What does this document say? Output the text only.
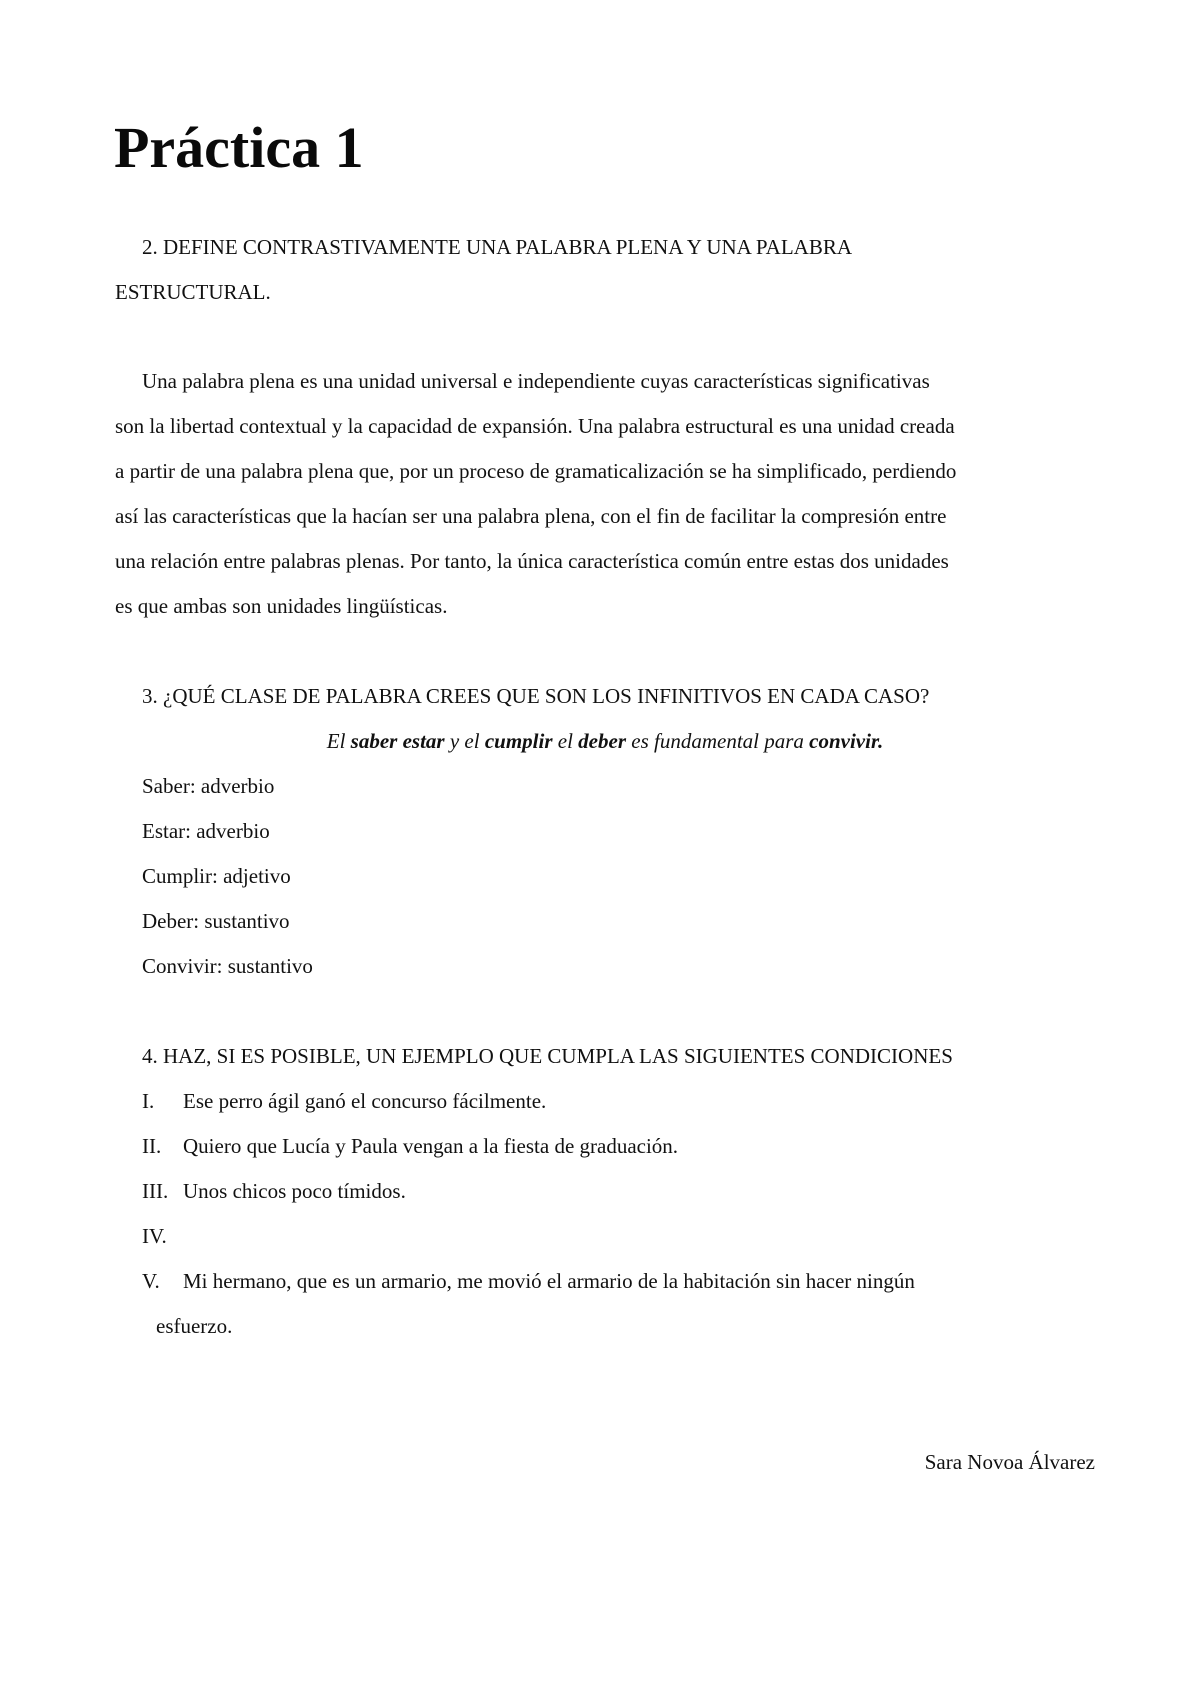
Práctica 1
2. DEFINE CONTRASTIVAMENTE UNA PALABRA PLENA Y UNA PALABRA
ESTRUCTURAL.
Una palabra plena es una unidad universal e independiente cuyas características significativas
son la libertad contextual y la capacidad de expansión. Una palabra estructural es una unidad creada
a partir de una palabra plena que, por un proceso de gramaticalización se ha simplificado, perdiendo
así las características que la hacían ser una palabra plena, con el fin de facilitar la compresión entre
una relación entre palabras plenas. Por tanto, la única característica común entre estas dos unidades
es que ambas son unidades lingüísticas.
3. ¿QUÉ CLASE DE PALABRA CREES QUE SON LOS INFINITIVOS EN CADA CASO?
El saber estar y el cumplir el deber es fundamental para convivir.
Saber: adverbio
Estar: adverbio
Cumplir: adjetivo
Deber: sustantivo
Convivir: sustantivo
4. HAZ, SI ES POSIBLE, UN EJEMPLO QUE CUMPLA LAS SIGUIENTES CONDICIONES
I.	Ese perro ágil ganó el concurso fácilmente.
II.	Quiero que Lucía y Paula vengan a la fiesta de graduación.
III. Unos chicos poco tímidos.
IV.
V.	Mi hermano, que es un armario, me movió el armario de la habitación sin hacer ningún
esfuerzo.
Sara Novoa Álvarez
